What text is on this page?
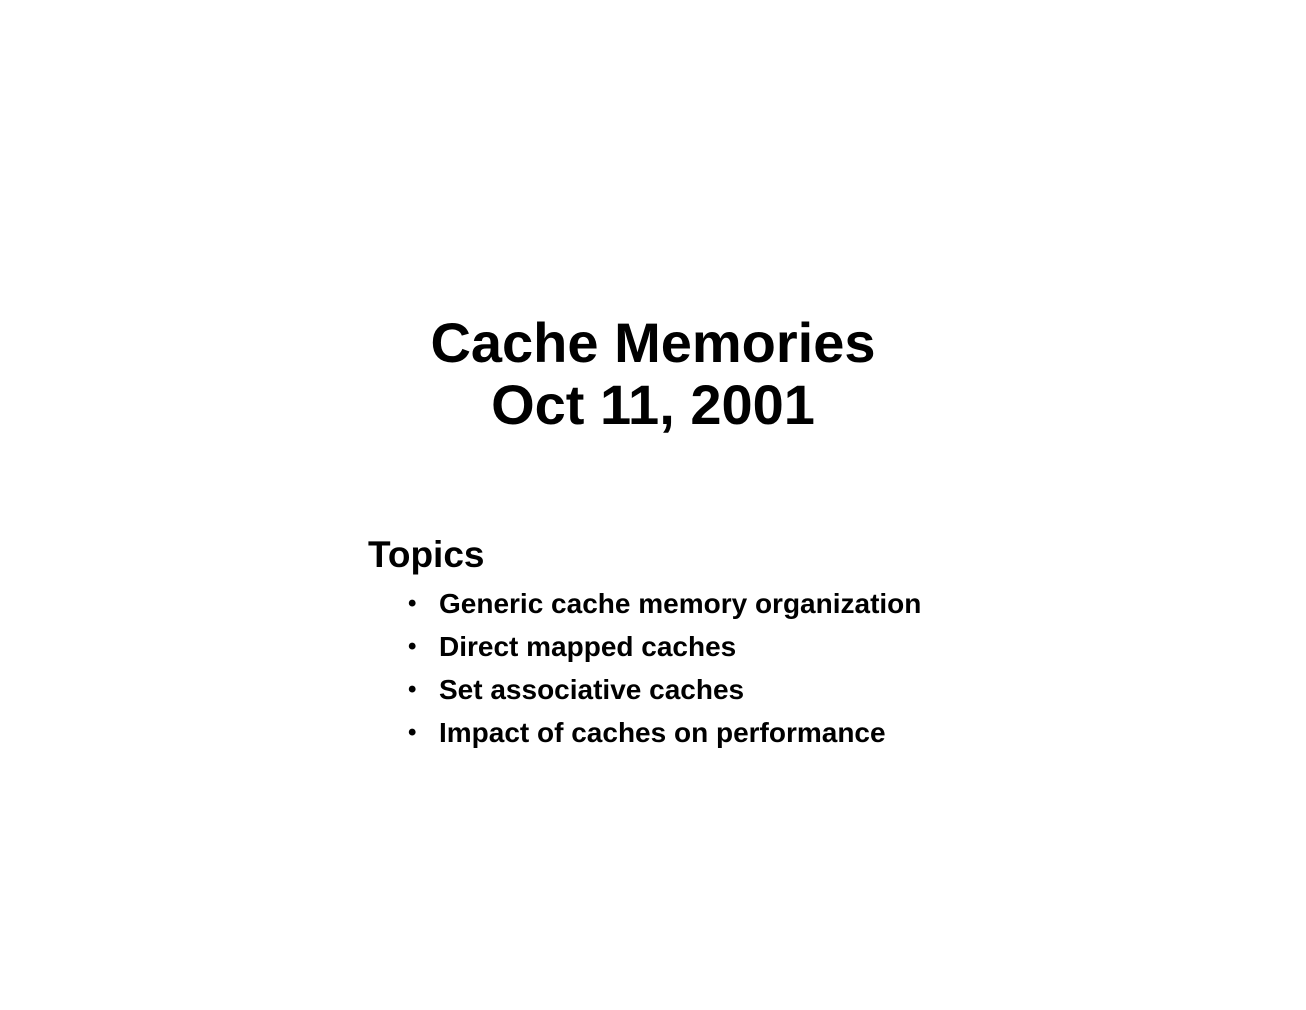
Cache Memories
Oct 11, 2001
Topics
• Generic cache memory organization
• Direct mapped caches
• Set associative caches
• Impact of caches on performance
